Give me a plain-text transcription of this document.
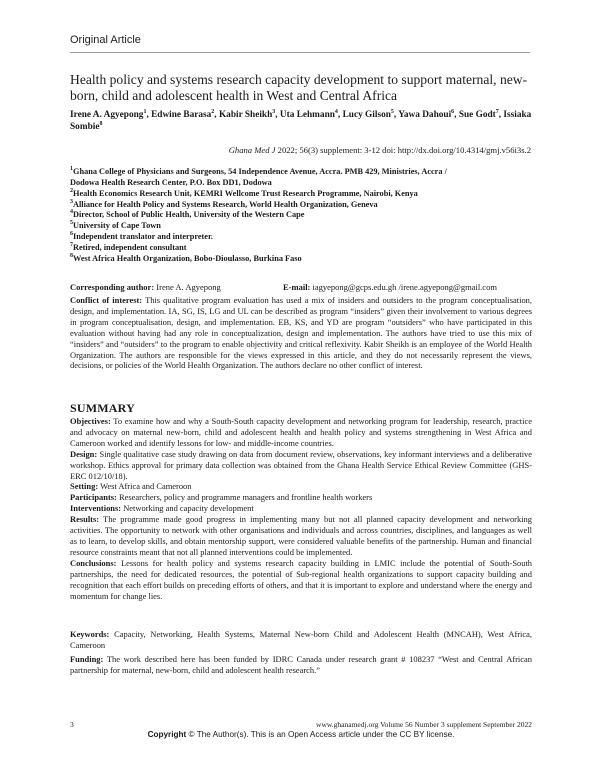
Original Article
Health policy and systems research capacity development to support maternal, new-born, child and adolescent health in West and Central Africa
Irene A. Agyepong$^1$, Edwine Barasa$^2$, Kabir Sheikh$^3$, Uta Lehmann$^4$, Lucy Gilson$^5$, Yawa Dahoui$^6$, Sue Godt$^7$, Issiaka Sombie$^8$
Ghana Med J 2022; 56(3) supplement: 3-12 doi: http://dx.doi.org/10.4314/gmj.v56i3s.2
$^1$Ghana College of Physicians and Surgeons, 54 Independence Avenue, Accra. PMB 429, Ministries, Accra /
Dodowa Health Research Center, P.O. Box DD1, Dodowa
$^2$Health Economics Research Unit, KEMRI Wellcome Trust Research Programme, Nairobi, Kenya
$^3$Alliance for Health Policy and Systems Research, World Health Organization, Geneva
$^4$Director, School of Public Health, University of the Western Cape
$^5$University of Cape Town
$^6$Independent translator and interpreter.
$^7$Retired, independent consultant
$^8$West Africa Health Organization, Bobo-Dioulasso, Burkina Faso
Corresponding author: Irene A. Agyepong	E-mail: iagyepong@gcps.edu.gh /irene.agyepong@gmail.com

Conflict of interest: This qualitative program evaluation has used a mix of insiders and outsiders to the program conceptualisation, design, and implementation. IA, SG, IS, LG and UL can be described as program “insiders” given their involvement to various degrees in program conceptualisation, design, and implementation. EB, KS, and YD are program “outsiders” who have participated in this evaluation without having had any role in conceptualization, design and implementation. The authors have tried to use this mix of “insiders” and “outsiders” to the program to enable objectivity and critical reflexivity. Kabir Sheikh is an employee of the World Health Organization. The authors are responsible for the views expressed in this article, and they do not necessarily represent the views, decisions, or policies of the World Health Organization. The authors declare no other conflict of interest.

SUMMARY

Objectives: To examine how and why a South-South capacity development and networking program for leadership, research, practice and advocacy on maternal new-born, child and adolescent health and health policy and systems strengthening in West Africa and Cameroon worked and identify lessons for low- and middle-income countries.

Design: Single qualitative case study drawing on data from document review, observations, key informant interviews and a deliberative workshop. Ethics approval for primary data collection was obtained from the Ghana Health Service Ethical Review Committee (GHS-ERC 012/10/18).

Setting: West Africa and Cameroon

Participants: Researchers, policy and programme managers and frontline health workers

Interventions: Networking and capacity development

Results: The programme made good progress in implementing many but not all planned capacity development and networking activities. The opportunity to network with other organisations and individuals and across countries, disciplines, and languages as well as to learn, to develop skills, and obtain mentorship support, were considered valuable benefits of the partnership. Human and financial resource constraints meant that not all planned interventions could be implemented.

Conclusions: Lessons for health policy and systems research capacity building in LMIC include the potential of South-South partnerships, the need for dedicated resources, the potential of Sub-regional health organizations to support capacity building and recognition that each effort builds on preceding efforts of others, and that it is important to explore and understand where the energy and momentum for change lies.

Keywords: Capacity, Networking, Health Systems, Maternal New-born Child and Adolescent Health (MNCAH), West Africa, Cameroon

Funding: The work described here has been funded by IDRC Canada under research grant # 108237 “West and Central African partnership for maternal, new-born, child and adolescent health research.”

3	www.ghanamedj.org Volume 56 Number 3 supplement September 2022
Copyright © The Author(s). This is an Open Access article under the CC BY license.
